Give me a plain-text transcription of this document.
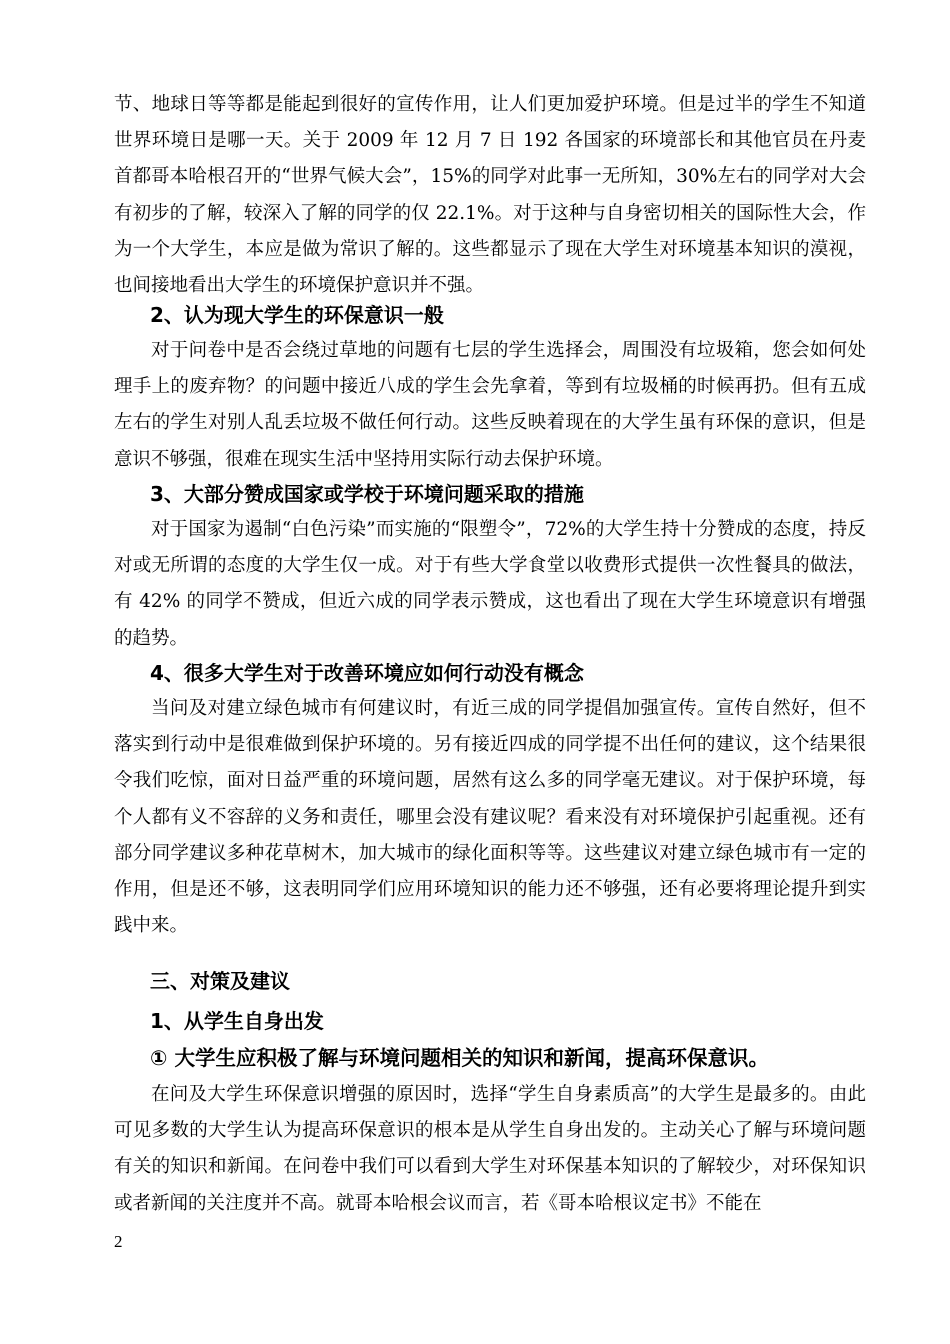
节、地球日等等都是能起到很好的宣传作用，让人们更加爱护环境。但是过半的学生不知道世界环境日是哪一天。关于 2009 年 12 月 7 日 192 各国家的环境部长和其他官员在丹麦首都哥本哈根召开的“世界气候大会”，15%的同学对此事一无所知，30%左右的同学对大会有初步的了解，较深入了解的同学的仅 22.1%。对于这种与自身密切相关的国际性大会，作为一个大学生，本应是做为常识了解的。这些都显示了现在大学生对环境基本知识的漠视，也间接地看出大学生的环境保护意识并不强。

2、认为现大学生的环保意识一般

对于问卷中是否会绕过草地的问题有七层的学生选择会，周围没有垃圾箱，您会如何处理手上的废弃物？的问题中接近八成的学生会先拿着，等到有垃圾桶的时候再扔。但有五成左右的学生对别人乱丢垃圾不做任何行动。这些反映着现在的大学生虽有环保的意识，但是意识不够强，很难在现实生活中坚持用实际行动去保护环境。

3、大部分赞成国家或学校于环境问题采取的措施

对于国家为遏制“白色污染”而实施的“限塑令”，72%的大学生持十分赞成的态度，持反对或无所谓的态度的大学生仅一成。对于有些大学食堂以收费形式提供一次性餐具的做法，有 42% 的同学不赞成，但近六成的同学表示赞成，这也看出了现在大学生环境意识有增强的趋势。

4、很多大学生对于改善环境应如何行动没有概念

当问及对建立绿色城市有何建议时，有近三成的同学提倡加强宣传。宣传自然好，但不落实到行动中是很难做到保护环境的。另有接近四成的同学提不出任何的建议，这个结果很令我们吃惊，面对日益严重的环境问题，居然有这么多的同学毫无建议。对于保护环境，每个人都有义不容辞的义务和责任，哪里会没有建议呢？看来没有对环境保护引起重视。还有部分同学建议多种花草树木，加大城市的绿化面积等等。这些建议对建立绿色城市有一定的作用，但是还不够，这表明同学们应用环境知识的能力还不够强，还有必要将理论提升到实践中来。

三、对策及建议
1、从学生自身出发
① 大学生应积极了解与环境问题相关的知识和新闻，提高环保意识。

在问及大学生环保意识增强的原因时，选择“学生自身素质高”的大学生是最多的。由此可见多数的大学生认为提高环保意识的根本是从学生自身出发的。主动关心了解与环境问题有关的知识和新闻。在问卷中我们可以看到大学生对环保基本知识的了解较少，对环保知识或者新闻的关注度并不高。就哥本哈根会议而言，若《哥本哈根议定书》不能在

2
